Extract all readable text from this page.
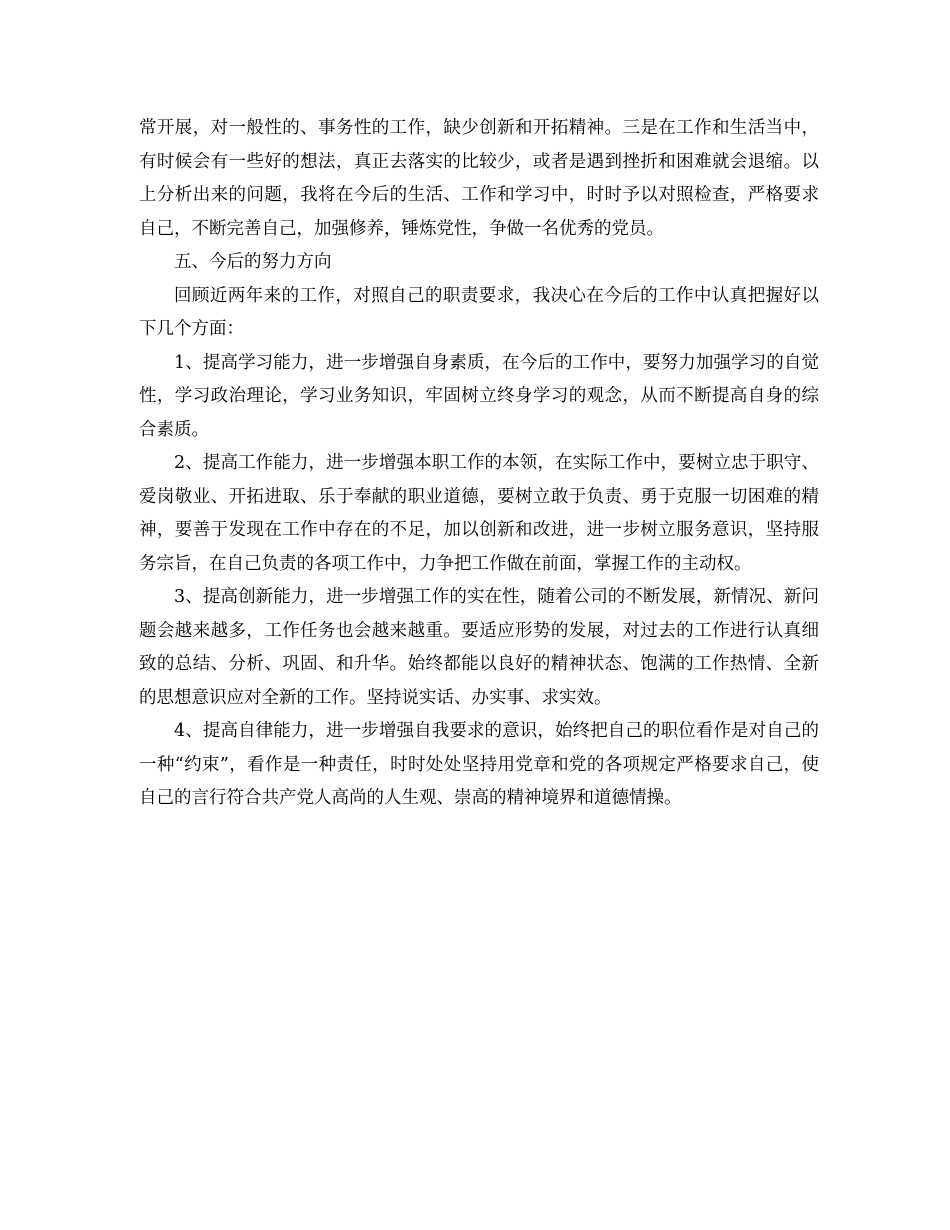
常开展，对一般性的、事务性的工作，缺少创新和开拓精神。三是在工作和生活当中，有时候会有一些好的想法，真正去落实的比较少，或者是遇到挫折和困难就会退缩。以上分析出来的问题，我将在今后的生活、工作和学习中，时时予以对照检查，严格要求自己，不断完善自己，加强修养，锤炼党性，争做一名优秀的党员。

五、今后的努力方向

回顾近两年来的工作，对照自己的职责要求，我决心在今后的工作中认真把握好以下几个方面：

1、提高学习能力，进一步增强自身素质，在今后的工作中，要努力加强学习的自觉性，学习政治理论，学习业务知识，牢固树立终身学习的观念，从而不断提高自身的综合素质。

2、提高工作能力，进一步增强本职工作的本领，在实际工作中，要树立忠于职守、爱岗敬业、开拓进取、乐于奉献的职业道德，要树立敢于负责、勇于克服一切困难的精神，要善于发现在工作中存在的不足，加以创新和改进，进一步树立服务意识，坚持服务宗旨，在自己负责的各项工作中，力争把工作做在前面，掌握工作的主动权。

3、提高创新能力，进一步增强工作的实在性，随着公司的不断发展，新情况、新问题会越来越多，工作任务也会越来越重。要适应形势的发展，对过去的工作进行认真细致的总结、分析、巩固、和升华。始终都能以良好的精神状态、饱满的工作热情、全新的思想意识应对全新的工作。坚持说实话、办实事、求实效。

4、提高自律能力，进一步增强自我要求的意识，始终把自己的职位看作是对自己的一种“约束”，看作是一种责任，时时处处坚持用党章和党的各项规定严格要求自己，使自己的言行符合共产党人高尚的人生观、崇高的精神境界和道德情操。
